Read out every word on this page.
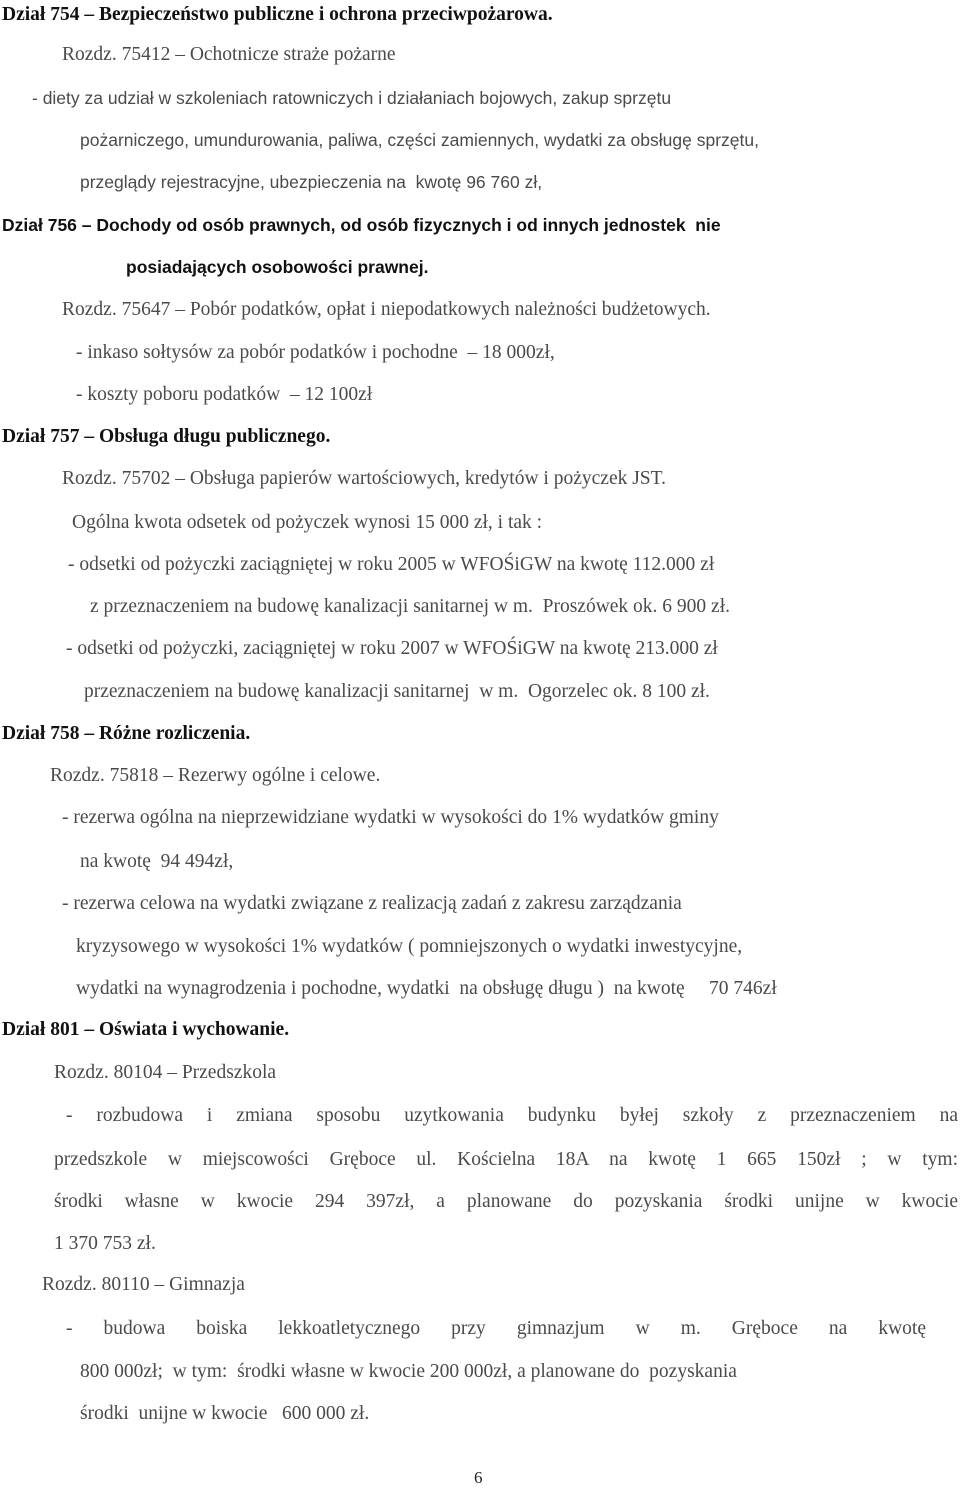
Dział 754 – Bezpieczeństwo publiczne i ochrona przeciwpożarowa.
Rozdz. 75412 – Ochotnicze straże pożarne
- diety za udział w szkoleniach ratowniczych i działaniach bojowych, zakup sprzętu
pożarniczego, umundurowania, paliwa, części zamiennych, wydatki za obsługę sprzętu,
przeglądy rejestracyjne, ubezpieczenia na  kwotę 96 760 zł,
Dział 756 – Dochody od osób prawnych, od osób fizycznych i od innych jednostek  nie
posiadających osobowości prawnej.
Rozdz. 75647 – Pobór podatków, opłat i niepodatkowych należności budżetowych.
- inkaso sołtysów za pobór podatków i pochodne  – 18 000zł,
- koszty poboru podatków  – 12 100zł
Dział 757 – Obsługa długu publicznego.
Rozdz. 75702 – Obsługa papierów wartościowych, kredytów i pożyczek JST.
Ogólna kwota odsetek od pożyczek wynosi 15 000 zł, i tak :
- odsetki od pożyczki zaciągniętej w roku 2005 w WFOŚiGW na kwotę 112.000 zł
z przeznaczeniem na budowę kanalizacji sanitarnej w m.  Proszówek ok. 6 900 zł.
- odsetki od pożyczki, zaciągniętej w roku 2007 w WFOŚiGW na kwotę 213.000 zł
przeznaczeniem na budowę kanalizacji sanitarnej  w m.  Ogorzelec ok. 8 100 zł.
Dział 758 – Różne rozliczenia.
Rozdz. 75818 – Rezerwy ogólne i celowe.
- rezerwa ogólna na nieprzewidziane wydatki w wysokości do 1% wydatków gminy
na kwotę  94 494zł,
- rezerwa celowa na wydatki związane z realizacją zadań z zakresu zarządzania
kryzysowego w wysokości 1% wydatków ( pomniejszonych o wydatki inwestycyjne,
wydatki na wynagrodzenia i pochodne, wydatki  na obsługę długu )  na kwotę     70 746zł
Dział 801 – Oświata i wychowanie.
Rozdz. 80104 – Przedszkola
- rozbudowa i zmiana sposobu uzytkowania budynku byłej szkoły z przeznaczeniem na
przedszkole w miejscowości Gręboce ul. Kościelna 18A na kwotę 1 665 150zł ; w tym:
środki własne w kwocie 294 397zł, a planowane do pozyskania środki unijne w kwocie
1 370 753 zł.
Rozdz. 80110 – Gimnazja
- budowa boiska lekkoatletycznego przy gimnazjum w m. Gręboce na kwotę
800 000zł;  w tym:  środki własne w kwocie 200 000zł, a planowane do  pozyskania
środki  unijne w kwocie   600 000 zł.
6
